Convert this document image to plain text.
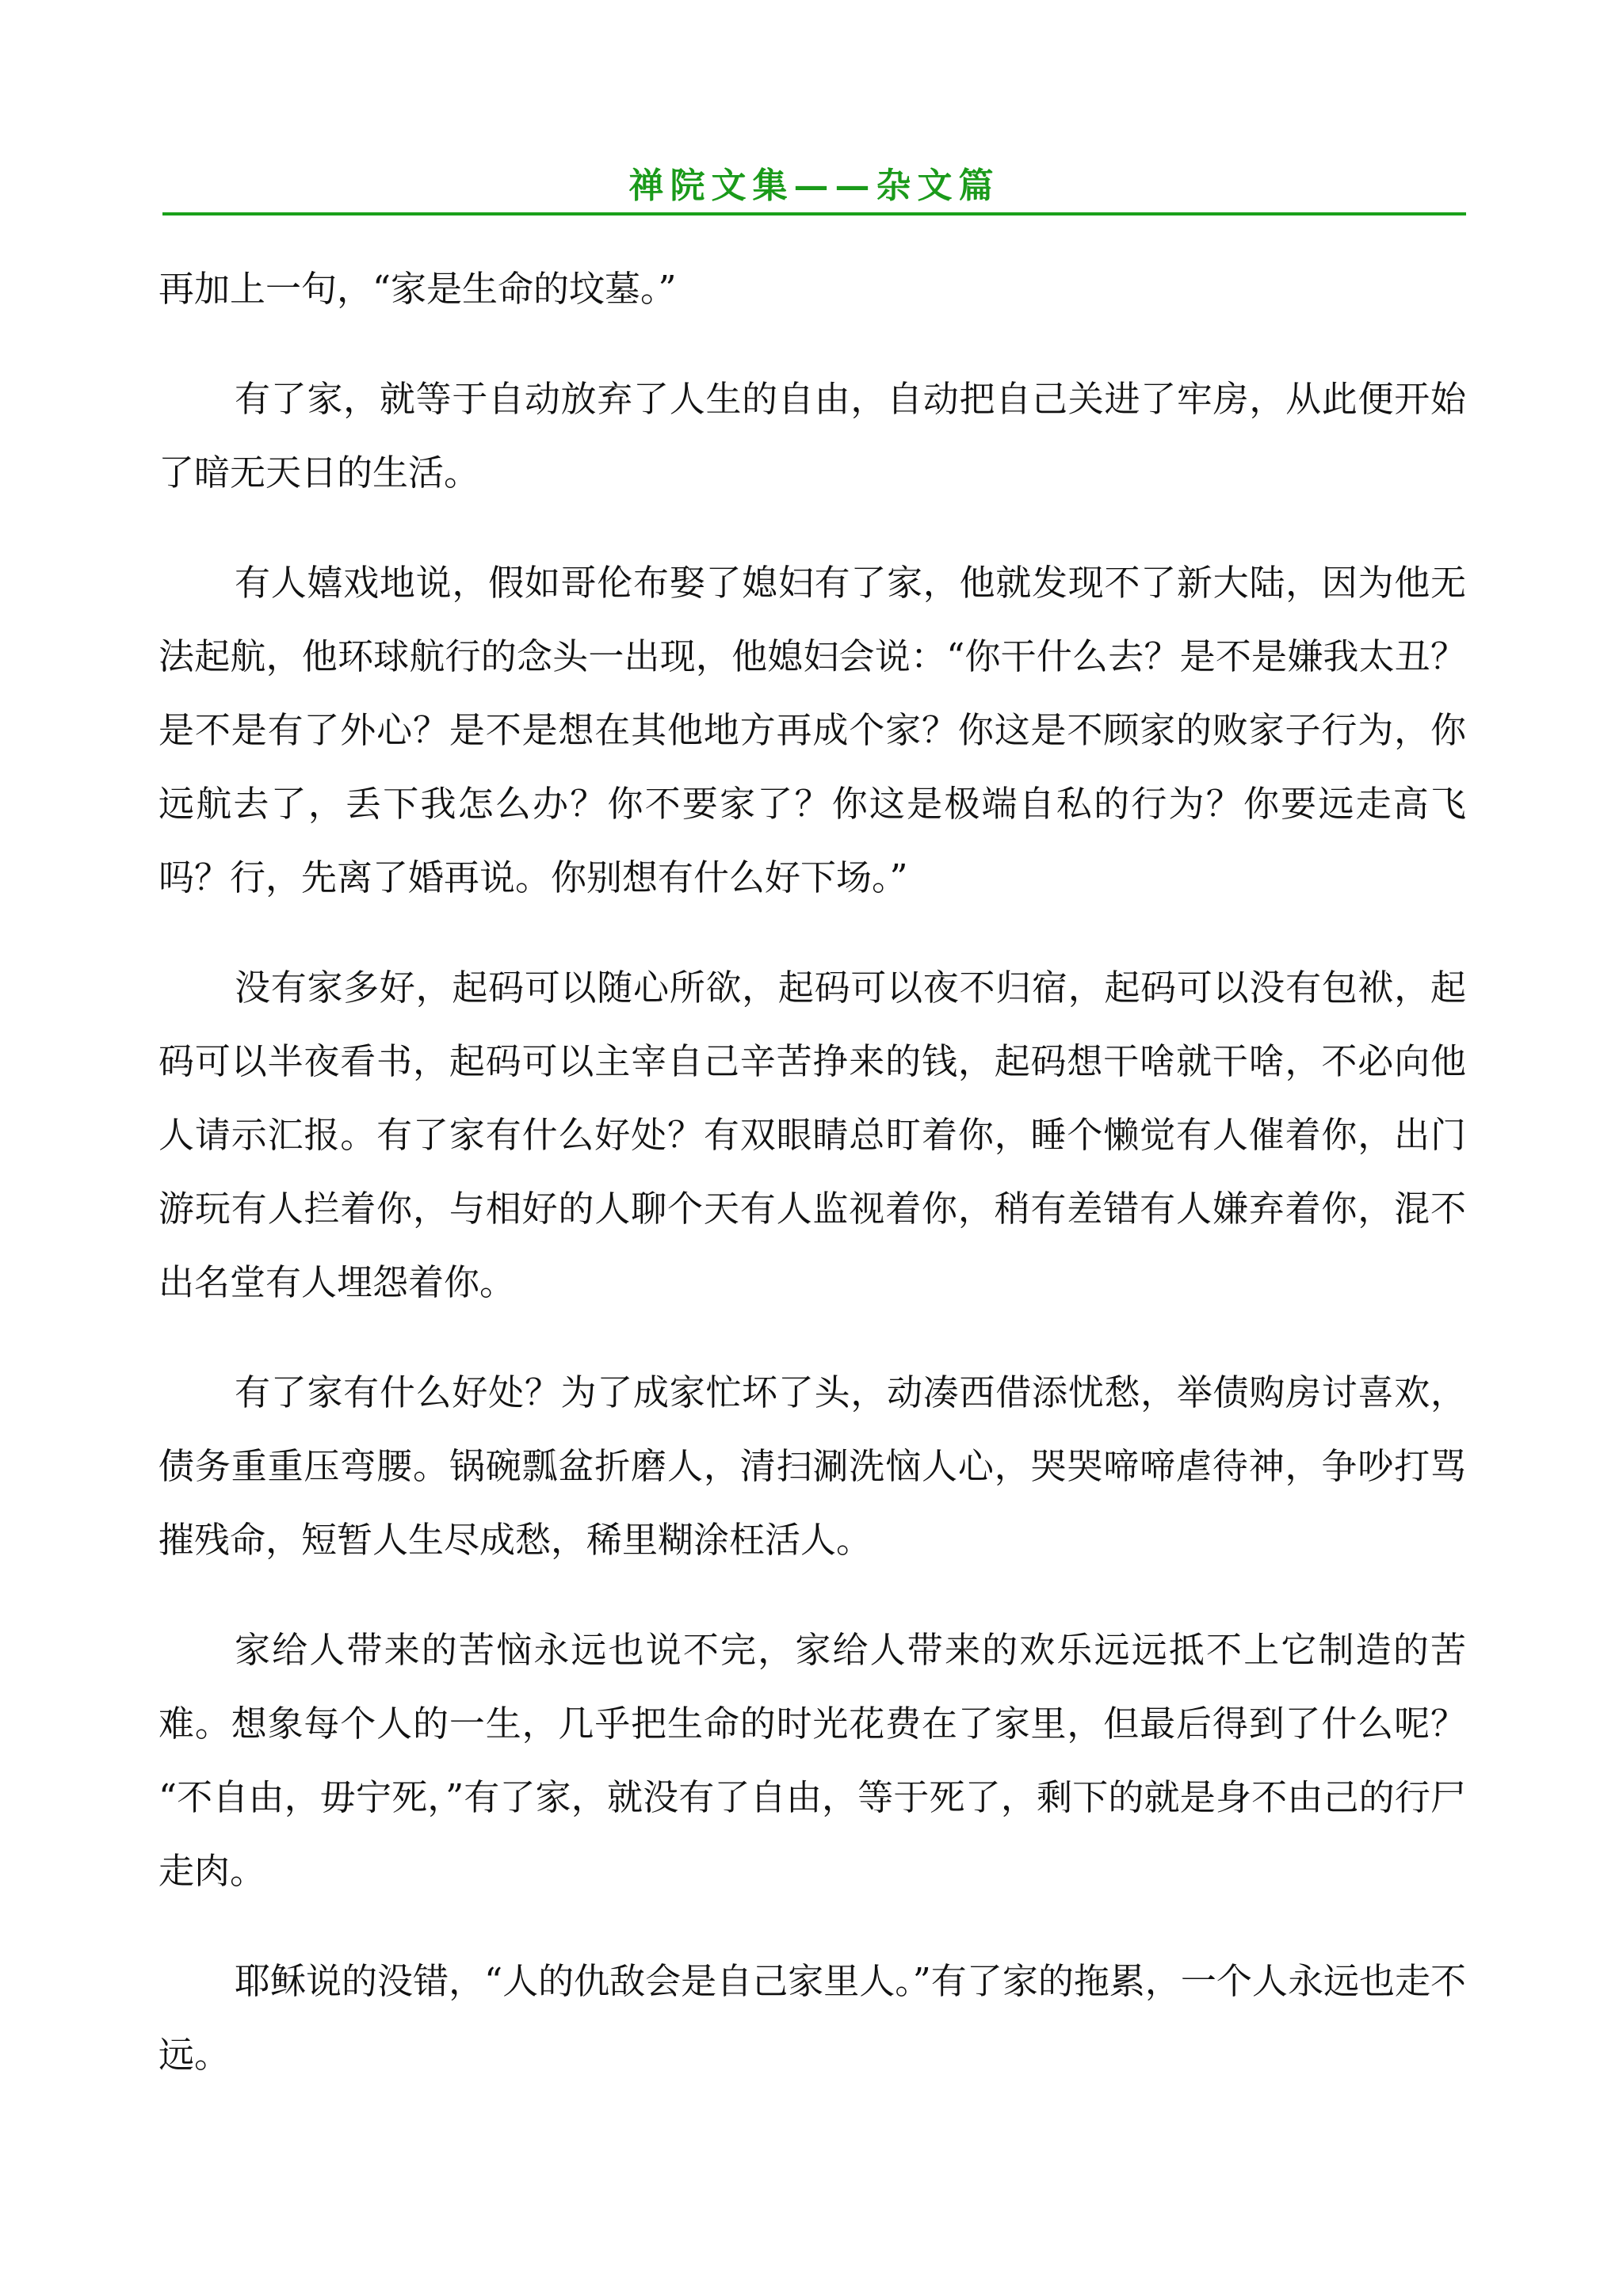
禅院文集——杂文篇

再加上一句，“家是生命的坟墓。”

有了家，就等于自动放弃了人生的自由，自动把自己关进了牢房，从此便开始了暗无天日的生活。

有人嬉戏地说，假如哥伦布娶了媳妇有了家，他就发现不了新大陆，因为他无法起航，他环球航行的念头一出现，他媳妇会说：“你干什么去？是不是嫌我太丑？是不是有了外心？是不是想在其他地方再成个家？你这是不顾家的败家子行为，你远航去了，丢下我怎么办？你不要家了？你这是极端自私的行为？你要远走高飞吗？行，先离了婚再说。你别想有什么好下场。”

没有家多好，起码可以随心所欲，起码可以夜不归宿，起码可以没有包袱，起码可以半夜看书，起码可以主宰自己辛苦挣来的钱，起码想干啥就干啥，不必向他人请示汇报。有了家有什么好处？有双眼睛总盯着你，睡个懒觉有人催着你，出门游玩有人拦着你，与相好的人聊个天有人监视着你，稍有差错有人嫌弃着你，混不出名堂有人埋怨着你。

有了家有什么好处？为了成家忙坏了头，动凑西借添忧愁，举债购房讨喜欢，债务重重压弯腰。锅碗瓢盆折磨人，清扫涮洗恼人心，哭哭啼啼虐待神，争吵打骂摧残命，短暂人生尽成愁，稀里糊涂枉活人。

家给人带来的苦恼永远也说不完，家给人带来的欢乐远远抵不上它制造的苦难。想象每个人的一生，几乎把生命的时光花费在了家里，但最后得到了什么呢？ “不自由，毋宁死，”有了家，就没有了自由，等于死了，剩下的就是身不由己的行尸走肉。

耶稣说的没错，“人的仇敌会是自己家里人。”有了家的拖累，一个人永远也走不远。
